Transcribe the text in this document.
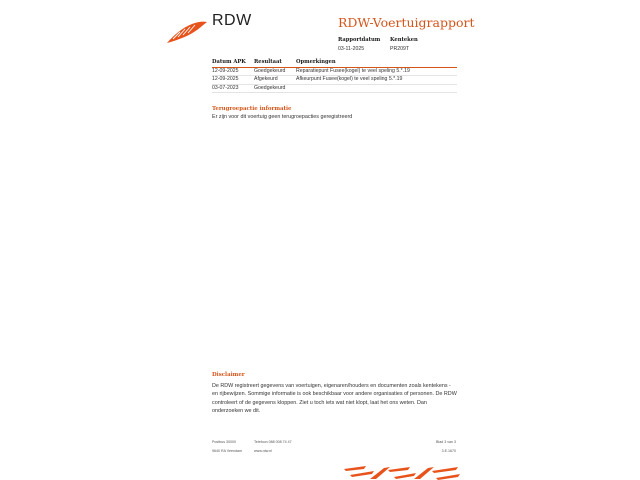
RDW	RDW-Voertuigrapport
Rapportdatum
03-11-2025
Kenteken
PR209T
Datum APK	Resultaat	Opmerkingen
12-09-2025	Goedgekeurd	Reparatiepunt Fusee(kogel) te veel speling 5.*.19
12-09-2025	Afgekeurd	Afkeurpunt Fusee(kogel) te veel speling 5.*.19
03-07-2023	Goedgekeurd
Terugroepactie informatie
Er zijn voor dit voertuig geen terugroepacties geregistreerd
Disclaimer
De RDW registreert gegevens van voertuigen, eigenaren/houders en documenten zoals kentekens - en rijbewijzen. Sommige informatie is ook beschikbaar voor andere organisaties of personen. De RDW controleert of de gegevens kloppen. Ziet u toch iets wat niet klopt, laat het ons weten. Dan onderzoeken we dit.
Postbus 30000
9640 RA Veendam
Telefoon 088 008 74 47
www.rdw.nl
Blad 3 van 3
3.E.1670
